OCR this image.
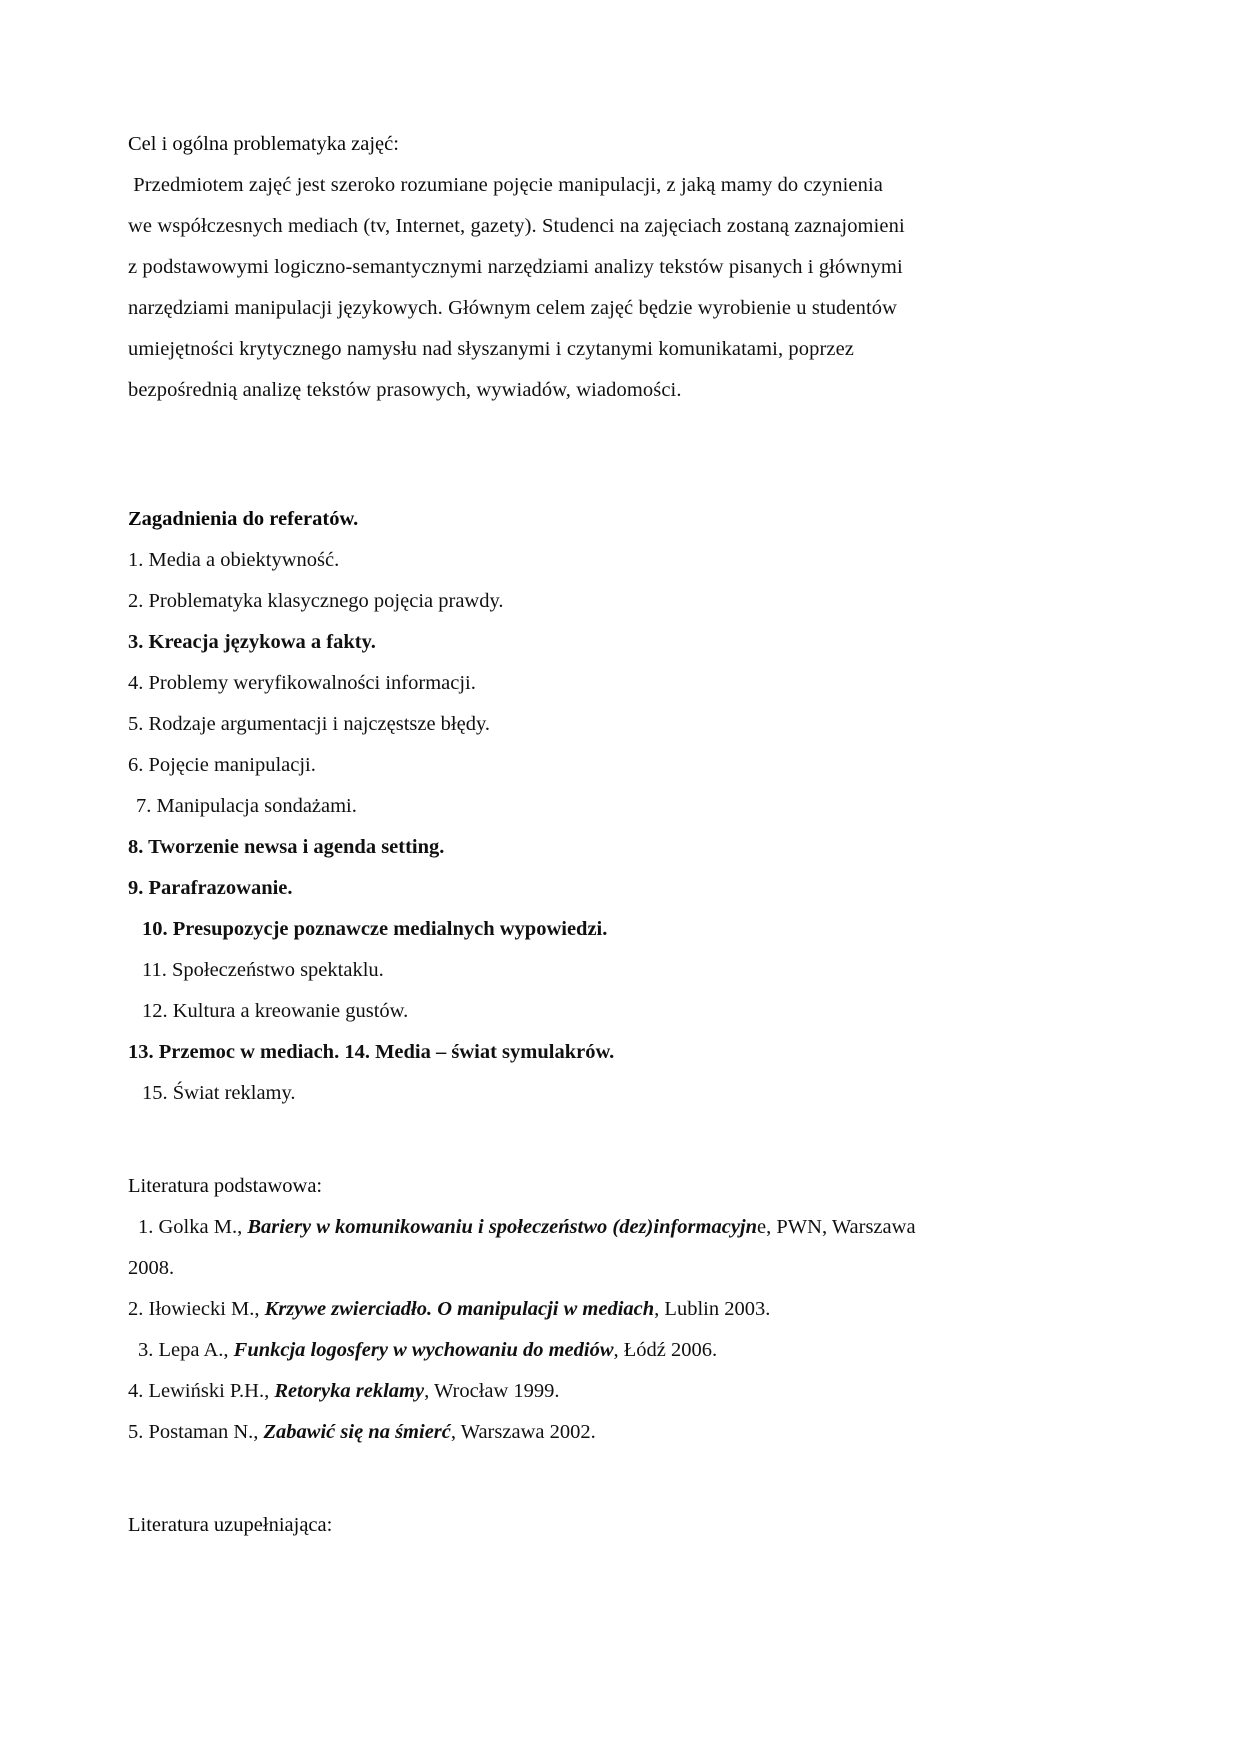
Cel i ogólna problematyka zajęć:
Przedmiotem zajęć jest szeroko rozumiane pojęcie manipulacji, z jaką mamy do czynienia
we współczesnych mediach (tv, Internet, gazety). Studenci na zajęciach zostaną zaznajomieni
z podstawowymi logiczno-semantycznymi narzędziami analizy tekstów pisanych i głównymi
narzędziami manipulacji językowych. Głównym celem zajęć będzie wyrobienie u studentów
umiejętności krytycznego namysłu nad słyszanymi i czytanymi komunikatami, poprzez
bezpośrednią analizę tekstów prasowych, wywiadów, wiadomości.
Zagadnienia do referatów.
1. Media a obiektywność.
2. Problematyka klasycznego pojęcia prawdy.
3. Kreacja językowa a fakty.
4. Problemy weryfikowalności informacji.
5. Rodzaje argumentacji i najczęstsze błędy.
6. Pojęcie manipulacji.
7. Manipulacja sondażami.
8. Tworzenie newsa i agenda setting.
9. Parafrazowanie.
10. Presupozycje poznawcze medialnych wypowiedzi.
11. Społeczeństwo spektaklu.
12. Kultura a kreowanie gustów.
13. Przemoc w mediach. 14. Media – świat symulakrów.
15. Świat reklamy.
Literatura podstawowa:
1. Golka M., Bariery w komunikowaniu i społeczeństwo (dez)informacyjne, PWN, Warszawa
2008.
2. Iłowiecki M., Krzywe zwierciadło. O manipulacji w mediach, Lublin 2003.
3. Lepa A., Funkcja logosfery w wychowaniu do mediów, Łódź 2006.
4. Lewiński P.H., Retoryka reklamy, Wrocław 1999.
5. Postaman N., Zabawić się na śmierć, Warszawa 2002.
Literatura uzupełniająca:
